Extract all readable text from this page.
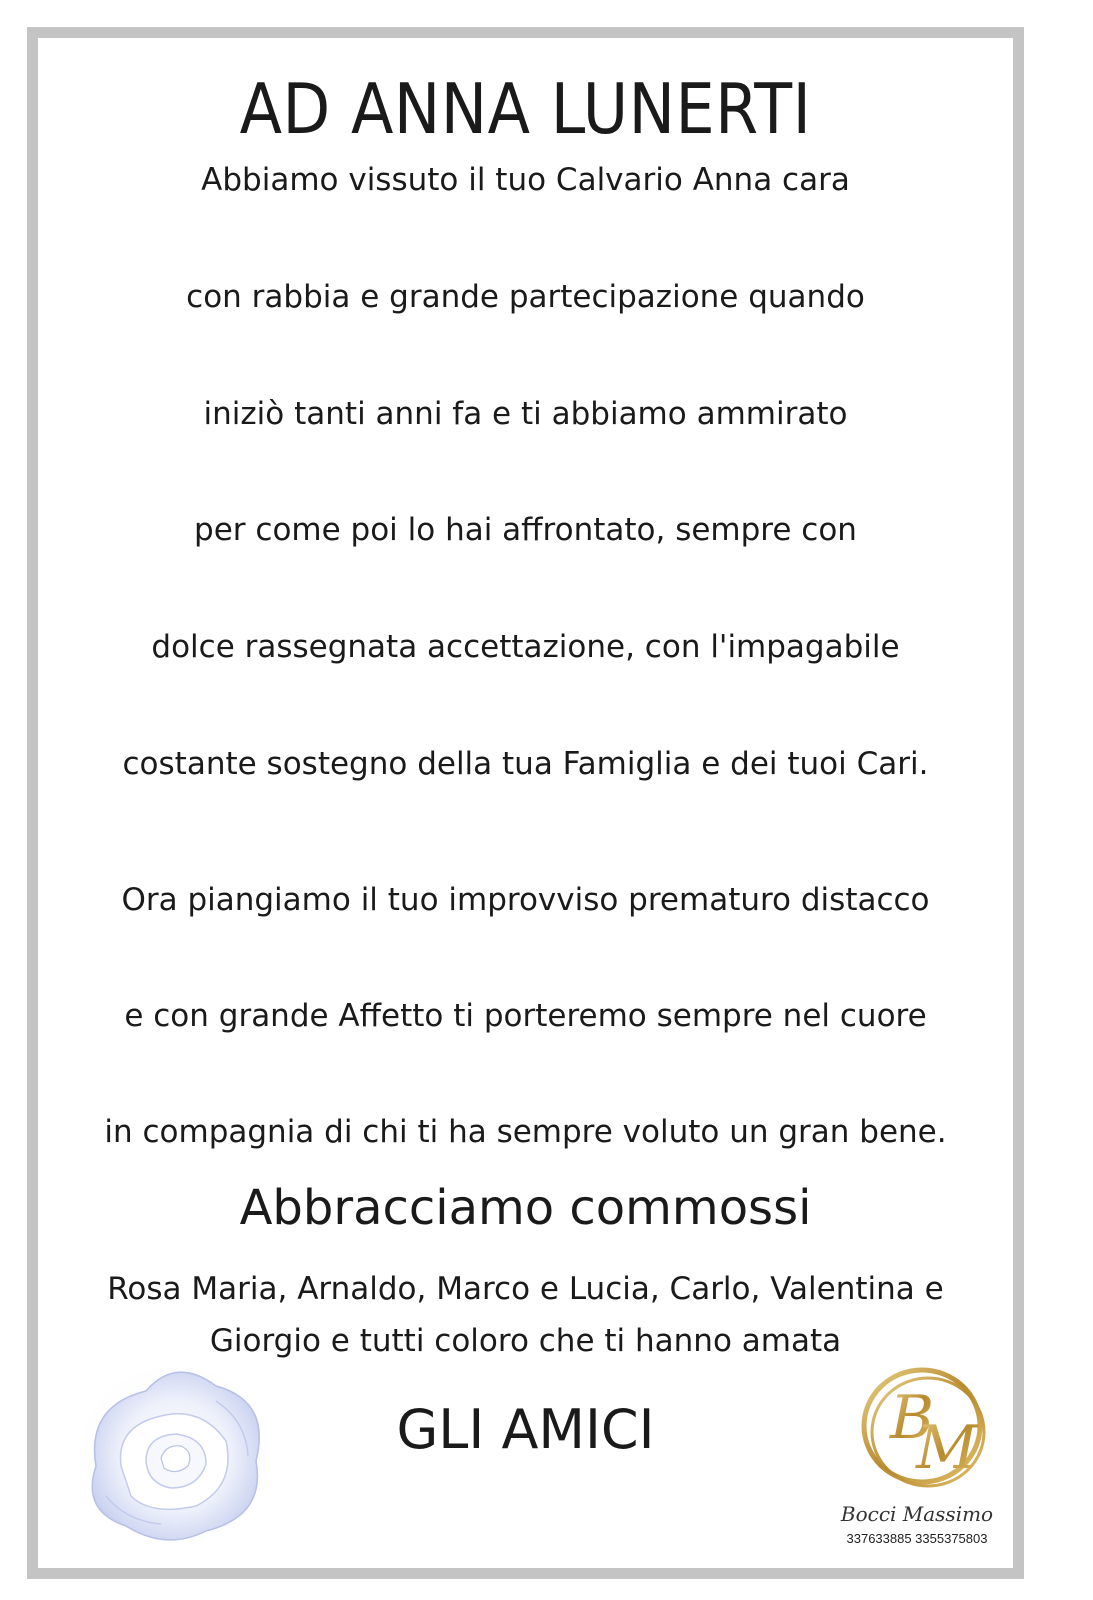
AD ANNA LUNERTI
Abbiamo vissuto il tuo Calvario Anna cara
con rabbia e grande partecipazione quando
iniziò tanti anni fa e ti abbiamo ammirato
per come poi lo hai affrontato, sempre con
dolce rassegnata accettazione, con l'impagabile
costante sostegno della tua Famiglia e dei tuoi Cari.
Ora piangiamo il tuo improvviso prematuro distacco
e con grande Affetto ti porteremo sempre nel cuore
in compagnia di chi ti ha sempre voluto un gran bene.
Abbracciamo commossi
Rosa Maria, Arnaldo, Marco e Lucia, Carlo, Valentina e
Giorgio e tutti coloro che ti hanno amata
GLI AMICI	B
M
Bocci Massimo
337633885 3355375803
